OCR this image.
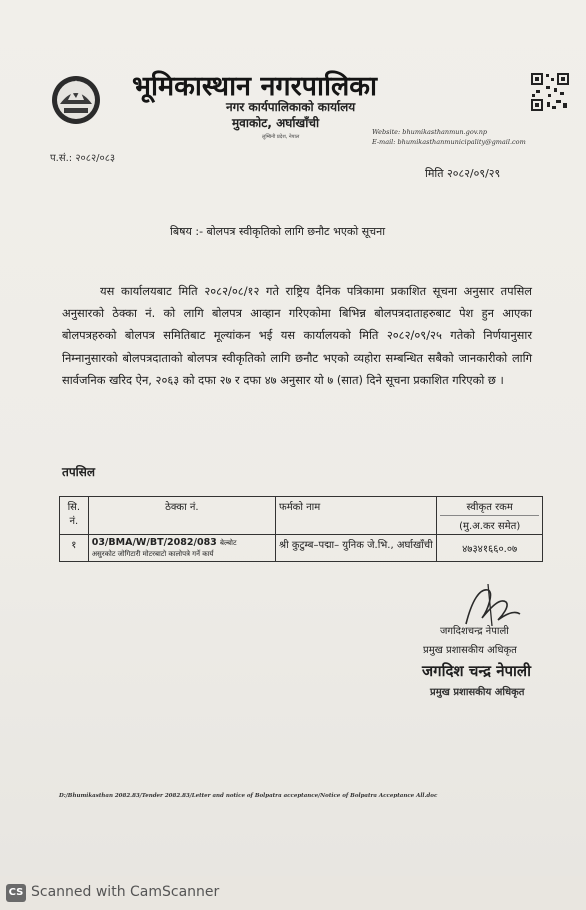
भूमिकास्थान नगरपालिका
नगर कार्यपालिकाको कार्यालय
मुवाकोट, अर्घाखाँची
लुम्बिनी प्रदेश, नेपाल
Website: bhumikasthanmun.gov.np
E-mail: bhumikasthanmunicipality@gmail.com
प.सं.: २०८२/०८३
मिति २०८२/०९/२९
बिषय :- बोलपत्र स्वीकृतिको लागि छनौट भएको सूचना
यस कार्यालयबाट मिति २०८२/०८/१२ गते राष्ट्रिय दैनिक पत्रिकामा प्रकाशित सूचना अनुसार तपसिल अनुसारको ठेक्का नं. को लागि बोलपत्र आव्हान गरिएकोमा बिभिन्न बोलपत्रदाताहरुबाट पेश हुन आएका बोलपत्रहरुको बोलपत्र समितिबाट मूल्यांकन भई यस कार्यालयको मिति २०८२/०९/२५ गतेको निर्णयानुसार निम्नानुसारको बोलपत्रदाताको बोलपत्र स्वीकृतिको लागि छनौट भएको व्यहोरा सम्बन्धित सबैको जानकारीको लागि सार्वजनिक खरिद ऐन, २०६३ को दफा २७ र दफा ४७ अनुसार यो ७ (सात) दिने सूचना प्रकाशित गरिएको छ ।
तपसिल
सि. नं.	ठेक्का नं.	फर्मको नाम	स्वीकृत रकम
(मु.अ.कर समेत)

१	03/BMA/W/BT/2082/083 बेल्बोट
असुरकोट जोगिटारी मोटरबाटो कालोपत्रे गर्ने कार्य	श्री कुटुम्ब–पद्मा– युनिक जे.भि., अर्घाखाँची	४७३४१६६०.०७
जगदिशचन्द्र नेपाली
प्रमुख प्रशासकीय अधिकृत
जगदिश चन्द्र नेपाली
प्रमुख प्रशासकीय अधिकृत
D:/Bhumikasthan 2082.83/Tender 2082.83/Letter and notice of Bolpatra acceptance/Notice of Bolpatra Acceptance All.doc
CS Scanned with CamScanner
